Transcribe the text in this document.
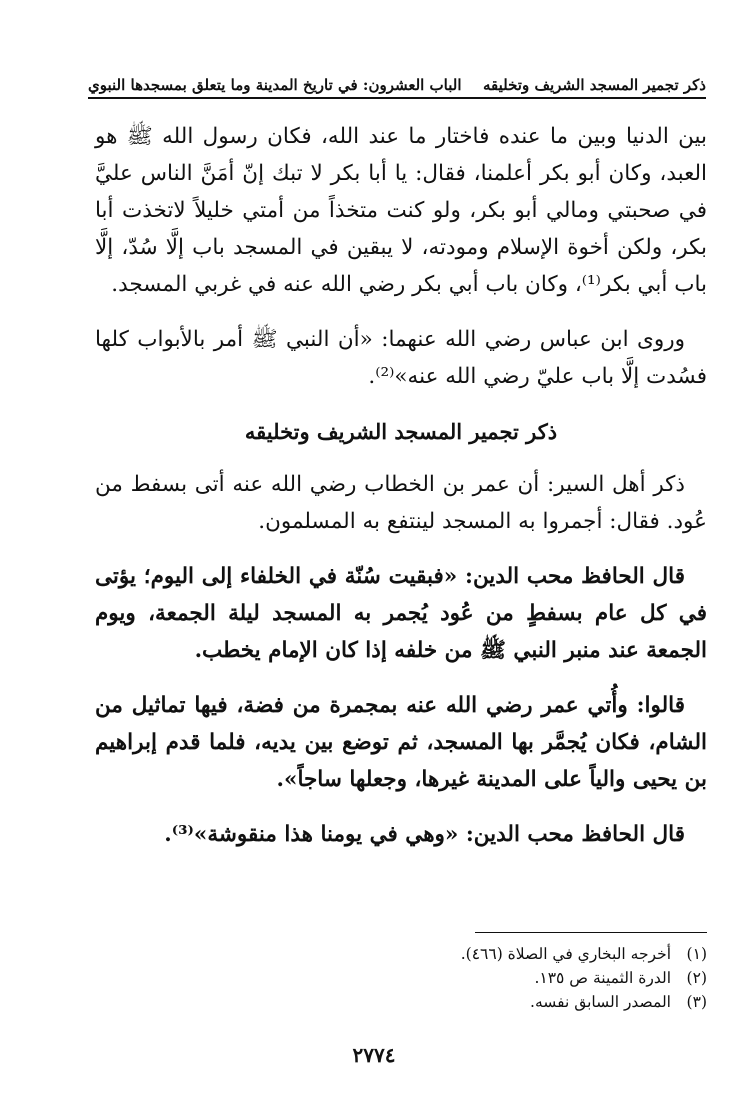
الباب العشرون: في تاريخ المدينة وما يتعلق بمسجدها النبوي ذكر تجمير المسجد الشريف وتخليقه

بين الدنيا وبين ما عنده فاختار ما عند الله، فكان رسول الله ﷺ هو العبد، وكان أبو بكر أعلمنا، فقال: يا أبا بكر لا تبك إنّ أمَنَّ الناس عليَّ في صحبتي ومالي أبو بكر، ولو كنت متخذاً من أمتي خليلاً لاتخذت أبا بكر، ولكن أخوة الإسلام ومودته، لا يبقين في المسجد باب إلَّا سُدّ، إلَّا باب أبي بكر⁽¹⁾، وكان باب أبي بكر رضي الله عنه في غربي المسجد.

وروى ابن عباس رضي الله عنهما: «أن النبي ﷺ أمر بالأبواب كلها فسُدت إلَّا باب عليّ رضي الله عنه»⁽²⁾.

ذكر تجمير المسجد الشريف وتخليقه

ذكر أهل السير: أن عمر بن الخطاب رضي الله عنه أتى بسفط من عُود. فقال: أجمروا به المسجد لينتفع به المسلمون.

قال الحافظ محب الدين: «فبقيت سُنّة في الخلفاء إلى اليوم؛ يؤتى في كل عام بسفطٍ من عُود يُجمر به المسجد ليلة الجمعة، ويوم الجمعة عند منبر النبي ﷺ من خلفه إذا كان الإمام يخطب.

قالوا: وأُتي عمر رضي الله عنه بمجمرة من فضة، فيها تماثيل من الشام، فكان يُجمَّر بها المسجد، ثم توضع بين يديه، فلما قدم إبراهيم بن يحيى والياً على المدينة غيرها، وجعلها ساجاً».

قال الحافظ محب الدين: «وهي في يومنا هذا منقوشة»⁽³⁾.

(١)
أخرجه البخاري في الصلاة (٤٦٦).
(٢)
الدرة الثمينة ص ١٣٥.
(٣)
المصدر السابق نفسه.
٢٧٧٤
